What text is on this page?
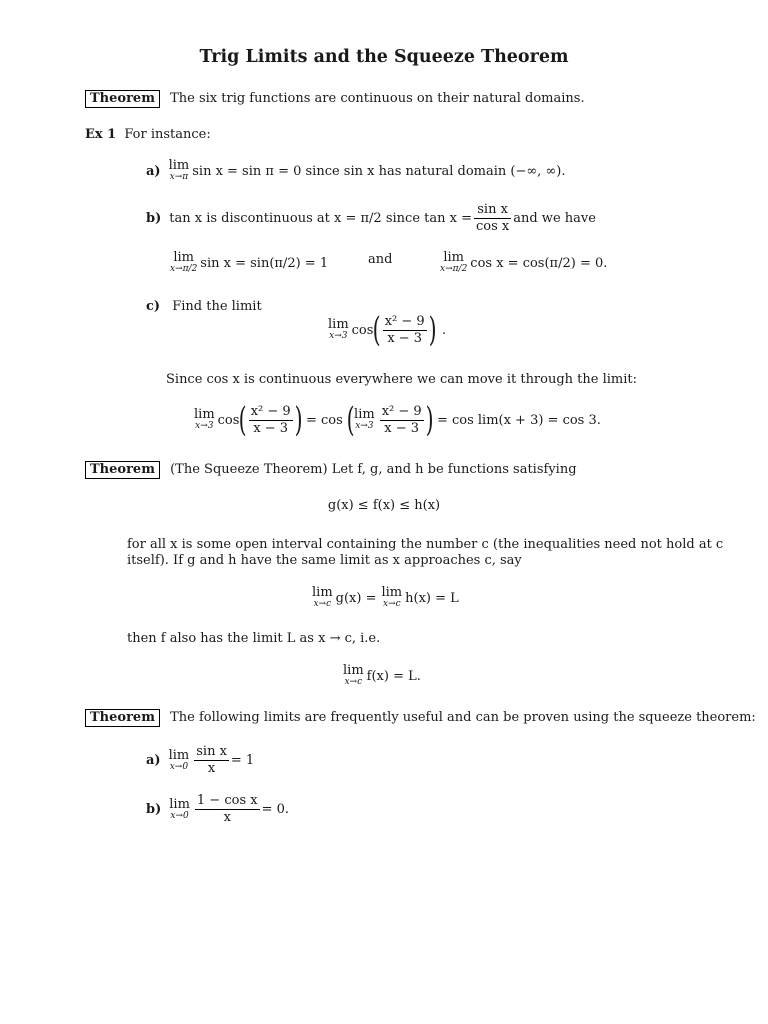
Trig Limits and the Squeeze Theorem
Theorem The six trig functions are continuous on their natural domains.
Ex 1 For instance:
a) lim
x→π sin x = sin π = 0 since sin x has natural domain (−∞, ∞).
b) tan x is discontinuous at x = π/2 since $\tan x = \frac{\text{sin x}}{\text{cos x}}$ and we have
lim
x→π/2 sin x = sin(π/2) = 1	and	lim
x→π/2 cos x = cos(π/2) = 0.
c) Find the limit
lim
x→3 cos ( $\frac{\text{x² − 9}}{x - 3}$ ) .
Since cos x is continuous everywhere we can move it through the limit:
lim
x→3 cos ( $\frac{\text{x² − 9}}{x - 3}$ ) = cos ( lim
$x\to 3 \frac{\text{x² − 9}}{x - 3}$ ) = cos lim(x + 3) = cos 3.
Theorem (The Squeeze Theorem) Let f, g, and h be functions satisfying
g(x) ≤ f(x) ≤ h(x)
for all x is some open interval containing the number c (the inequalities need not hold at c
itself). If g and h have the same limit as x approaches c, say
lim
x→c g(x) = lim
x→c h(x) = L
then f also has the limit L as x → c, i.e.
lim
x→c f(x) = L.
Theorem The following limits are frequently useful and can be proven using the squeeze theorem:
a) lim
$x\to 0 \frac{\text{sin x}}{x} = 1$
b) lim
$x\to 0 \frac{\text{1 − cos x}}{x} = 0$.
